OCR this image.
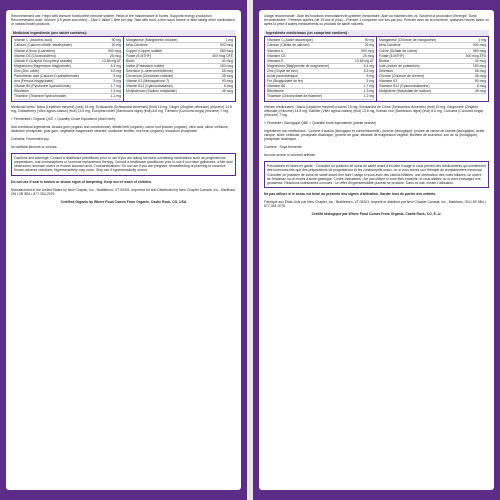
Recommended use: Helps with immune function/the immune system. Helps in the maintenance of bones. Supports energy production. Recommended dose: Women (19 years and older) – Take 1 tablet 1 time per day. Take with food, a few hours before or after taking other medications or natural health products.
Medicinal ingredients (one tablet contains):
Vitamin C (Ascorbic acid)	90 mg
Calcium (Calcium citrate, tetrahydrate)	26 mg
Vitamin A (from β-carotene)	900 mcg
Vitamin D3 (Cholecalciferol)	25 mcg
Vitamin E (d-alpha Tocopheryl acetate)	13.65 mg AT
Magnesium (Magnesium bisglycinate)	6.4 mg
Zinc (Zinc oxide)	5.5 mg
Pantothenic acid (Calcium D-pantothenate)	5 mg
Iron (Ferrous bisglycinate)	5 mg
Vitamin B6 (Pyridoxine hydrochloride)	1.7 mg
Riboflavin	1.3 mg
Thiamine (Thiamine hydrochloride)	1.2 mg
Manganese (Manganese chloride)	1 mg
beta-Carotene	900 mcg
Copper (Copper sulfate)	550 mcg
Folate (5-MTHF)	400 mcg DFE
Biotin	30 mcg
Iodine (Potassium iodide)	150 mcg
Selenium (L-selenomethionine)	55 mcg
Chromium (Chromium chloride)	35 mcg
Vitamin K2 (Menaquinone-7)	90 mcg
Vitamin B12 (Cyanocobalamin)	6 mcg
Molybdenum (Sodium molybdate)	45 mcg
Medicinal herbs: Maca (Lepidium meyenii) (root) 15 mg, Schisandra (Schisandra chinensis) (fruit) 15 mg, Ginger (Zingiber officinale) (rhizome) 14.8 mg, Chasteberry (Vitex agnus-castus) (fruit) 13.5 mg, European elder (Sambucus nigra) (fruit) 8.6 mg, Turmeric (Curcuma longa) (rhizome) 7 mg.
† Fermented • Organic QCE = Quantity Crude Equivalent (dried herb)
Non-medicinal ingredients: Acacia gum (organic and conventional), alfalfa herb (organic), carrot root powder (organic), citric acid, silica, cellulose, dicalcium phosphate, guar gum, vegetable magnesium stearate, sunflower lecithin, rice bran (organic), tricalcium phosphate.
Contains: Fermented soy.
No artificial flavours or colours.
Cautions and warnings: Consult a healthcare practitioner prior to use if you are taking hormone-containing medications such as progesterone preparations, oral contraceptives or hormone replacement therapy. Consult a healthcare practitioner prior to use if you have gallstones, a bile duct obstruction, stomach ulcers or excess stomach acid. Contraindications: Do not use if you are pregnant, breastfeeding or planning to conceive. Known adverse reactions: Hypersensitivity may occur. Stop use if hypersensitivity occurs.
Do not use if seal is broken or shows signs of tampering. Keep out of reach of children.
Manufactured in the United States by New Chapter, Inc., Brattleboro, VT 05301. Imported for and Distributed by New Chapter Canada, Inc., Markham, ON L3R 5B4 • 877-354-2076
Certified Organic by Where Food Comes From Organic, Castle Rock, CO, USA
Usage recommandé : Aide les fonctions immunitaires/le système immunitaire. Aide au maintien des os. Soutient la production d'énergie. Dose recommandée : Femmes adultes (de 19 ans et plus) – Prendre 1 comprimé une fois par jour. Prendre avec de la nourriture, quelques heures avant ou après la prise d'autres médicaments ou produits de santé naturels.
Ingrédients médicinaux (un comprimé contient) :
Vitamine C (Acide ascorbique)	90 mg
Calcium (Citrate de calcium)	26 mg
Vitamine A	900 mcg
Vitamine D3	25 mcg
Vitamine E	13,65 mg AT
Magnésium (Bisglycinate de magnésium)	6,4 mg
Zinc (Oxyde de zinc)	5,5 mg
Acide pantothénique	5 mg
Fer (Bisglycinate de fer)	5 mg
Vitamine B6	1,7 mg
Riboflavine	1,3 mg
Thiamine (Chlorhydrate de thiamine)	1,2 mg
Manganèse (Chlorure de manganèse)	1 mg
bêta-Carotène	900 mcg
Cuivre (Sulfate de cuivre)	550 mcg
Folate (5-MTHF)	400 mcg ÉFA
Biotine	30 mcg
Iode (Iodure de potassium)	150 mcg
Sélénium	55 mcg
Chrome (Chlorure de chrome)	35 mcg
Vitamine K2	90 mcg
Vitamine B12 (Cyanocobalamine)	6 mcg
Molybdène (Molybdate de sodium)	45 mcg
Herbes médicinales : Maca (Lepidium meyenii) (racine) 15 mg, Schisandra de Chine (Schisandra chinensis) (fruit) 15 mg, Gingembre (Zingiber officinale) (rhizome) 14,8 mg, Gattilier (Vitex agnus-castus) (fruit) 13,5 mg, Sureau noir (Sambucus nigra) (fruit) 8,6 mg, Curcuma (Curcuma longa) (rhizome) 7 mg.
† Fermenté • Biologique QBE = Quantité brute équivalente (plante séchée)
Ingrédients non médicinaux : Gomme d'acacia (biologique et conventionnelle), luzerne (biologique), poudre de racine de carotte (biologique), acide citrique, silice, cellulose, phosphate dicalcique, gomme de guar, stéarate de magnésium végétal, lécithine de tournesol, son de riz (biologique), phosphate tricalcique.
Contient : Soya fermenté.
Aucune arôme ni colorant artificiel.
Précautions et mises en garde : Consulter un praticien de soins de santé avant d'en faire l'usage si vous prenez des médicaments qui contiennent des hormones tels que des préparations de progestérone et les contraceptifs oraux, ou si vous suivez une thérapie de remplacement hormonal. Consulter un praticien de soins de santé avant d'en faire l'usage si vous avez des calculs biliaires, une obstruction des voies biliaires, un ulcère de l'estomac ou un excès d'acide gastrique. Contre-indications : Ne pas utiliser si vous êtes enceinte, si vous allaitez ou si vous envisagez une grossesse. Réactions indésirables connues : Un effet d'hypersensibilité pourrait se produire. Dans ce cas, cesser l'utilisation.
Ne pas utiliser si le sceau est brisé ou présente des signes d'altération. Garder hors de portée des enfants.
Fabriqué aux États-Unis par New Chapter, Inc., Brattleboro, VT 05301. Importé et distribué par New Chapter Canada, Inc., Markham, ON L3R 5B4 • 877-354-2076
Certifié biologique par Where Food Comes From Organic, Castle Rock, CO, É.-U.
